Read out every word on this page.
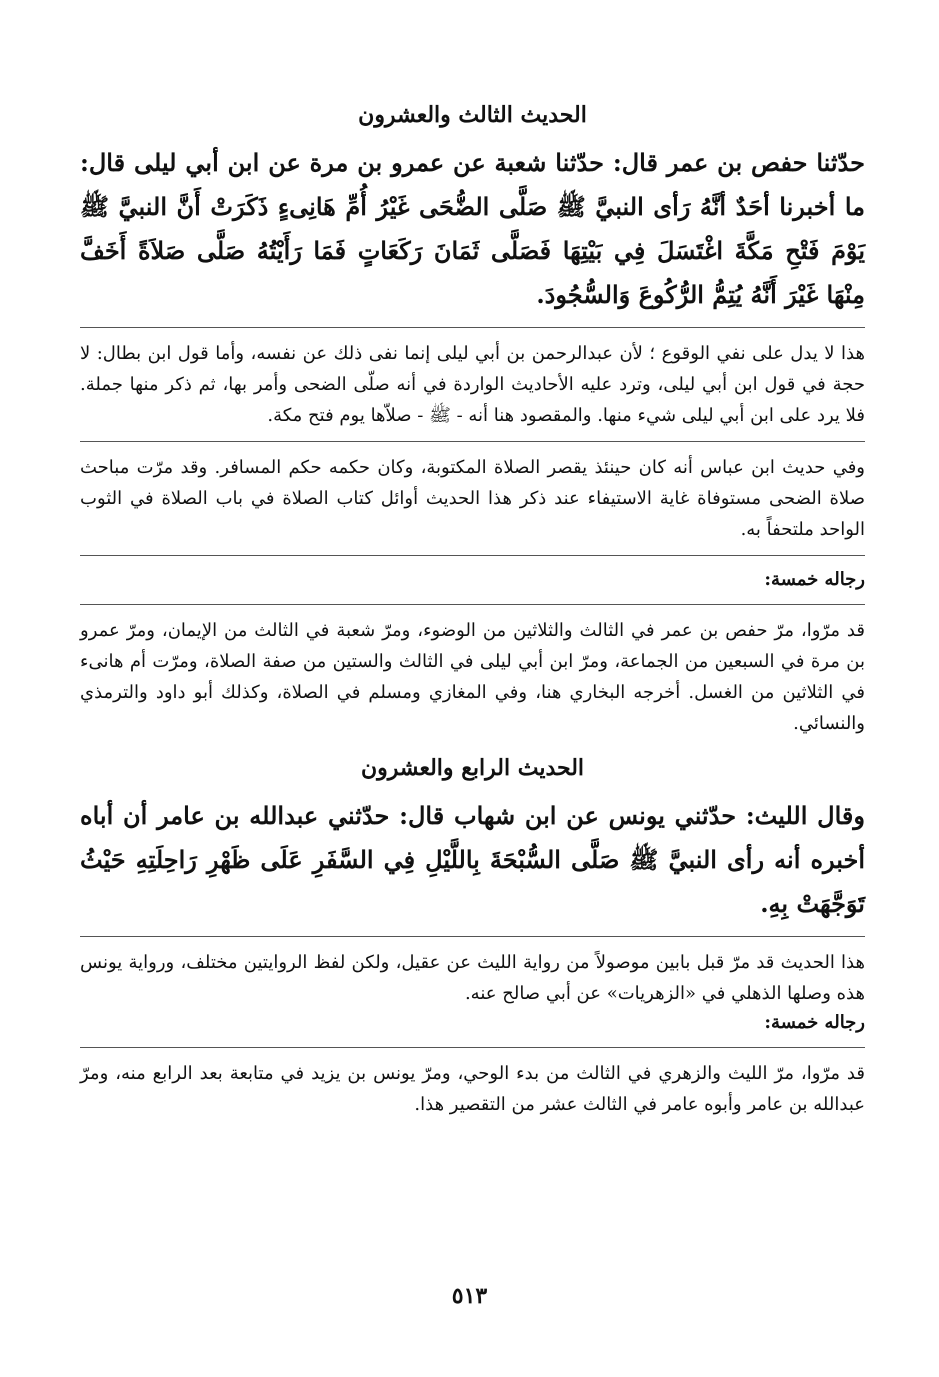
الحديث الثالث والعشرون

حدّثنا حفص بن عمر قال: حدّثنا شعبة عن عمرو بن مرة عن ابن أبي ليلى قال: ما أخبرنا أحَدٌ أنَّهُ رَأى النبيَّ ﷺ صَلَّى الضُّحَى غَيْرُ أُمِّ هَانِىءٍ ذَكَرَتْ أَنَّ النبيَّ ﷺ يَوْمَ فَتْحِ مَكَّةَ اغْتَسَلَ فِي بَيْتِهَا فَصَلَّى ثَمَانَ رَكَعَاتٍ فَمَا رَأَيْتُهُ صَلَّى صَلاَةً أَخَفَّ مِنْهَا غَيْرَ أَنَّهُ يُتِمُّ الرُّكُوعَ وَالسُّجُودَ.

هذا لا يدل على نفي الوقوع ؛ لأن عبدالرحمن بن أبي ليلى إنما نفى ذلك عن نفسه، وأما قول ابن بطال: لا حجة في قول ابن أبي ليلى، وترد عليه الأحاديث الواردة في أنه صلّى الضحى وأمر بها، ثم ذكر منها جملة. فلا يرد على ابن أبي ليلى شيء منها. والمقصود هنا أنه - ﷺ - صلاّها يوم فتح مكة.

وفي حديث ابن عباس أنه كان حينئذ يقصر الصلاة المكتوبة، وكان حكمه حكم المسافر. وقد مرّت مباحث صلاة الضحى مستوفاة غاية الاستيفاء عند ذكر هذا الحديث أوائل كتاب الصلاة في باب الصلاة في الثوب الواحد ملتحفاً به.

رجاله خمسة:

قد مرّوا، مرّ حفص بن عمر في الثالث والثلاثين من الوضوء، ومرّ شعبة في الثالث من الإيمان، ومرّ عمرو بن مرة في السبعين من الجماعة، ومرّ ابن أبي ليلى في الثالث والستين من صفة الصلاة، ومرّت أم هانىء في الثلاثين من الغسل. أخرجه البخاري هنا، وفي المغازي ومسلم في الصلاة، وكذلك أبو داود والترمذي والنسائي.

الحديث الرابع والعشرون

وقال الليث: حدّثني يونس عن ابن شهاب قال: حدّثني عبدالله بن عامر أن أباه أخبره أنه رأى النبيَّ ﷺ صَلَّى السُّبْحَةَ بِاللَّيْلِ فِي السَّفَرِ عَلَى ظَهْرِ رَاحِلَتِهِ حَيْثُ تَوَجَّهَتْ بِهِ.

هذا الحديث قد مرّ قبل بابين موصولاً من رواية الليث عن عقيل، ولكن لفظ الروايتين مختلف، ورواية يونس هذه وصلها الذهلي في «الزهريات» عن أبي صالح عنه.

رجاله خمسة:

قد مرّوا، مرّ الليث والزهري في الثالث من بدء الوحي، ومرّ يونس بن يزيد في متابعة بعد الرابع منه، ومرّ عبدالله بن عامر وأبوه عامر في الثالث عشر من التقصير هذا.

٥١٣
